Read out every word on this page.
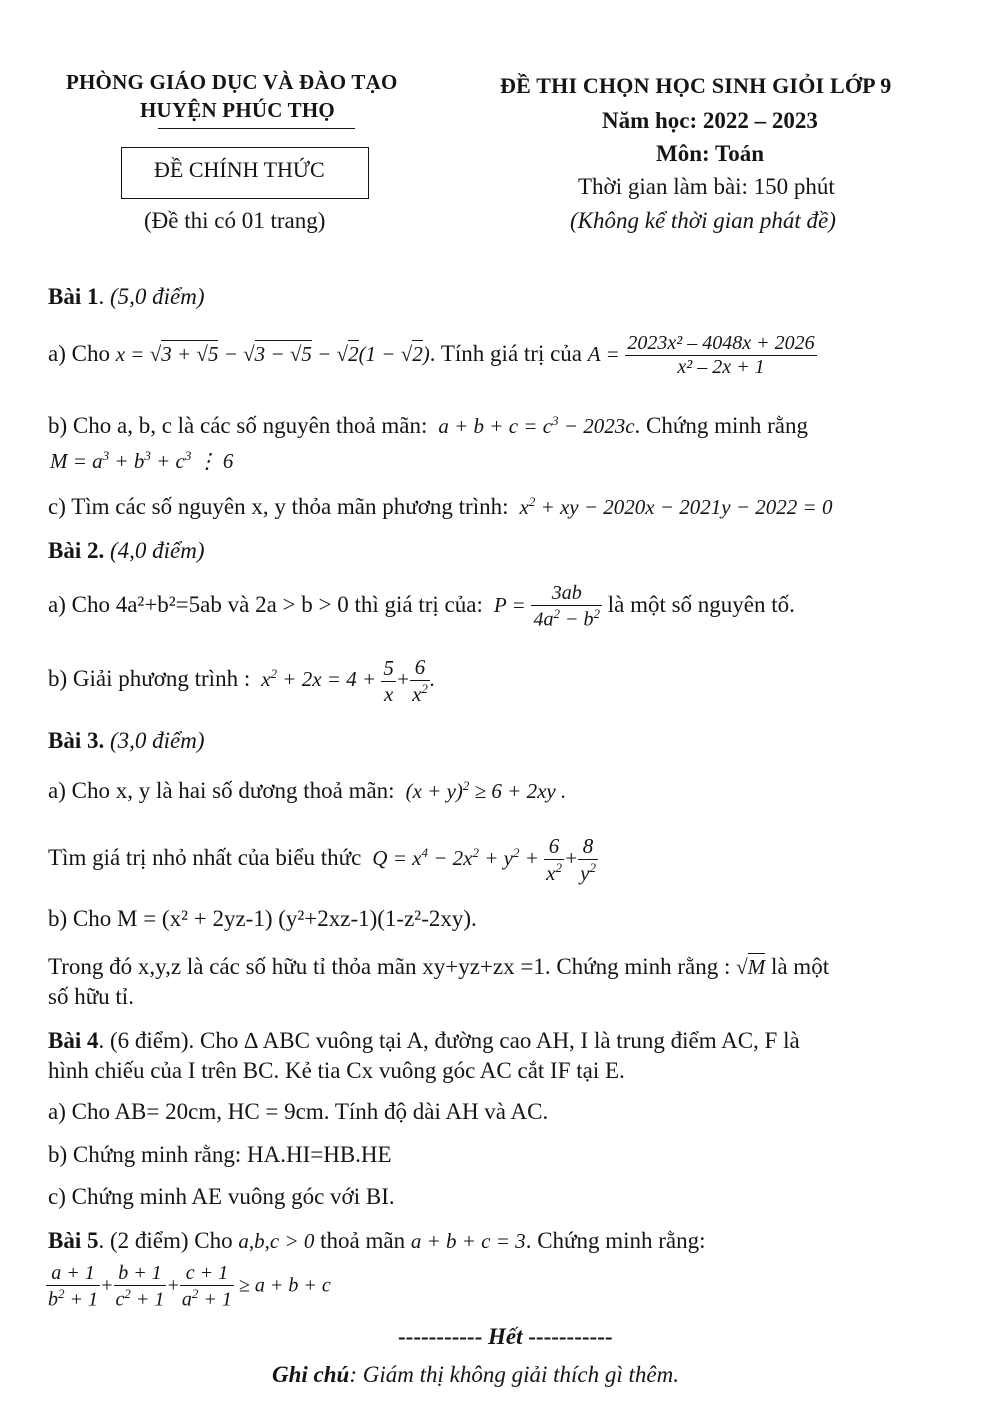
PHÒNG GIÁO DỤC VÀ ĐÀO TẠO
HUYỆN PHÚC THỌ
ĐỀ CHÍNH THỨC
(Đề thi có 01 trang)
ĐỀ THI CHỌN HỌC SINH GIỎI LỚP 9
Năm học: 2022 – 2023
Môn: Toán
Thời gian làm bài: 150 phút
(Không kể thời gian phát đề)
Bài 1. (5,0 điểm)
a) Cho x = √3 + √5 − √3 − √5 − √2(1 − √2). Tính giá trị của $A = \frac{\text{2023x² – 4048x + 2026}}{\text{x² – 2x + 1}}$
b) Cho a, b, c là các số nguyên thoả mãn:  $a + b + c = c^3 - 2023c$. Chứng minh rằng
$M = a^3 + b^3 + c^3$ ⋮ 6
c) Tìm các số nguyên x, y thỏa mãn phương trình:  $x^2$ + xy − 2020x − 2021y − 2022 = 0
Bài 2. (4,0 điểm)
a) Cho 4a²+b²=5ab và 2a > b > 0 thì giá trị của:  $P = \frac{3ab}{4a^2 - b^2}$ là một số nguyên tố.
b) Giải phương trình :  $x^2 + 2x = 4 + \frac{5}{x} + \frac{6}{x^2}$ .
Bài 3. (3,0 điểm)
a) Cho x, y là hai số dương thoả mãn:  $(x + y)^2 \ge 6 + 2xy$ .
Tìm giá trị nhỏ nhất của biểu thức  $Q = x^4 - 2x^2 + y^2 + \frac{6}{x^2} + \frac{8}{y^2}$
b) Cho M = (x² + 2yz-1) (y²+2xz-1)(1-z²-2xy).
Trong đó x,y,z là các số hữu tỉ thỏa mãn xy+yz+zx =1. Chứng minh rằng : √M là một
số hữu tỉ.
Bài 4. (6 điểm). Cho ∆ ABC vuông tại A, đường cao AH, I là trung điểm AC, F là
hình chiếu của I trên BC. Kẻ tia Cx vuông góc AC cắt IF tại E.
a) Cho AB= 20cm, HC = 9cm. Tính độ dài AH và AC.
b) Chứng minh rằng: HA.HI=HB.HE
c) Chứng minh AE vuông góc với BI.
Bài 5. (2 điểm) Cho a,b,c > 0 thoả mãn a + b + c = 3. Chứng minh rằng:
$\frac{a + 1}{b^2 + 1} + \frac{b + 1}{c^2 + 1} + \frac{c + 1}{a^2 + 1} \ge a + b + c$
----------- Hết -----------
Ghi chú: Giám thị không giải thích gì thêm.
